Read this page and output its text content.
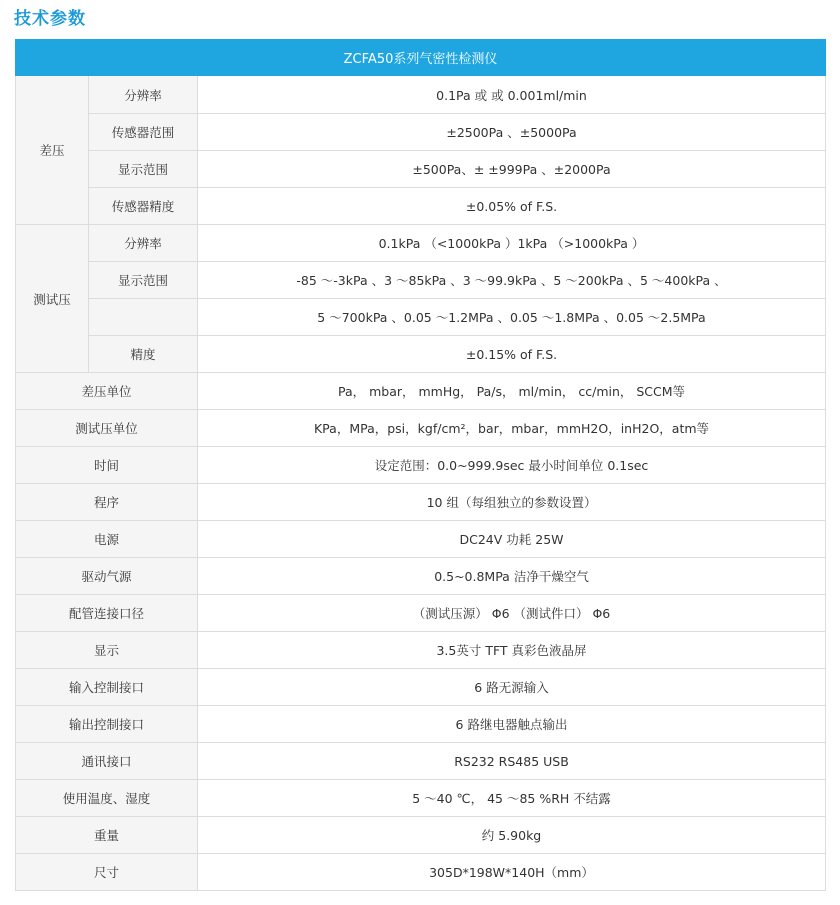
技术参数
ZCFA50系列气密性检测仪		
差压	分辨率	0.1Pa 或 或 0.001ml/min
	传感器范围	±2500Pa 、±5000Pa
	显示范围	±500Pa、± ±999Pa 、±2000Pa
	传感器精度	±0.05% of F.S.
测试压	分辨率	0.1kPa （<1000kPa ）1kPa （>1000kPa ）
	显示范围	-85 ～-3kPa 、3 ～85kPa 、3 ～99.9kPa 、5 ～200kPa 、5 ～400kPa 、
		5 ～700kPa 、0.05 ～1.2MPa 、0.05 ～1.8MPa 、0.05 ～2.5MPa
	精度	±0.15% of F.S.
差压单位		Pa， mbar， mmHg， Pa/s， ml/min， cc/min， SCCM等
测试压单位		KPa，MPa，psi，kgf/cm²，bar，mbar，mmH2O，inH2O，atm等
时间		设定范围：0.0~999.9sec 最小时间单位 0.1sec
程序		10 组（每组独立的参数设置）
电源		DC24V 功耗 25W
驱动气源		0.5~0.8MPa 洁净干燥空气
配管连接口径		（测试压源） Φ6 （测试件口） Φ6
显示		3.5英寸 TFT 真彩色液晶屏
输入控制接口		6 路无源输入
输出控制接口		6 路继电器触点输出
通讯接口		RS232 RS485 USB
使用温度、湿度		5 ～40 ℃， 45 ～85 %RH 不结露
重量		约 5.90kg
尺寸		305D*198W*140H（mm）
